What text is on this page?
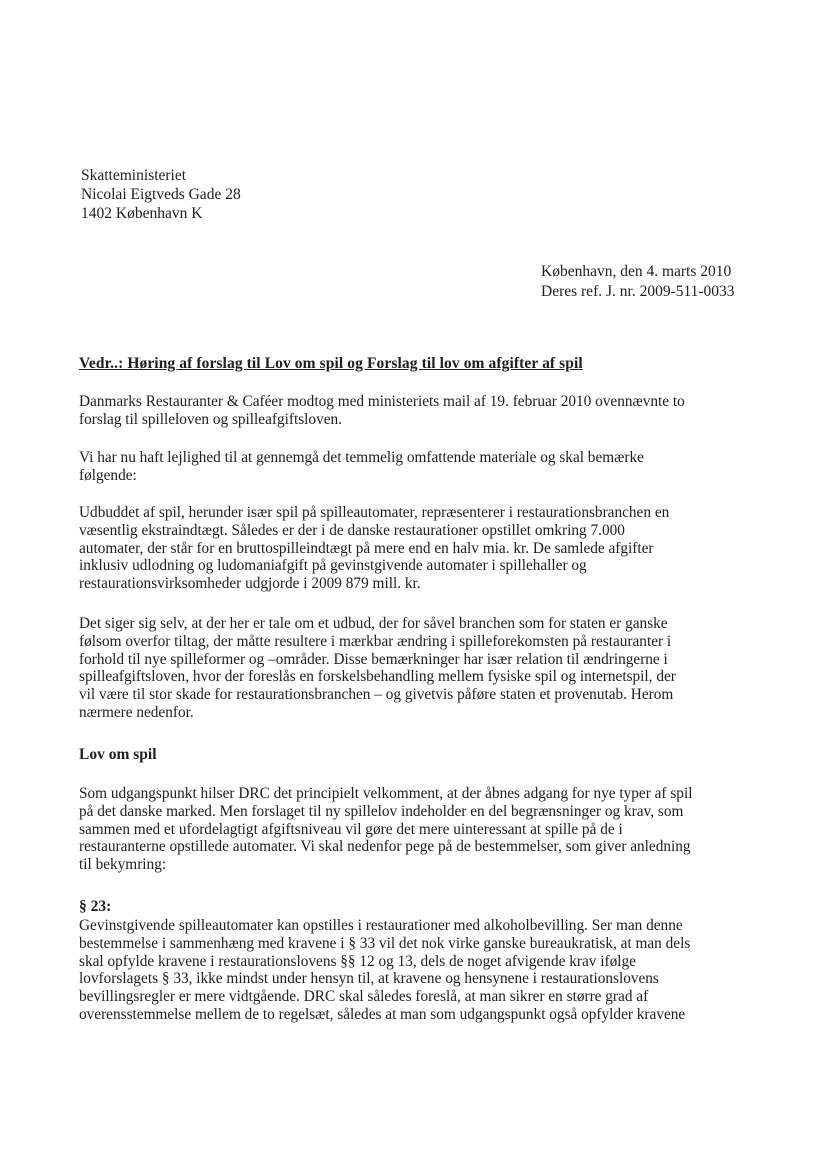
Skatteministeriet
Nicolai Eigtveds Gade 28
1402 København K
København, den 4. marts 2010
Deres ref. J. nr. 2009-511-0033
Vedr..: Høring af forslag til Lov om spil og Forslag til lov om afgifter af spil
Danmarks Restauranter & Caféer modtog med ministeriets mail af 19. februar 2010 ovennævnte to
forslag til spilleloven og spilleafgiftsloven.
Vi har nu haft lejlighed til at gennemgå det temmelig omfattende materiale og skal bemærke
følgende:
Udbuddet af spil, herunder især spil på spilleautomater, repræsenterer i restaurationsbranchen en
væsentlig ekstraindtægt. Således er der i de danske restaurationer opstillet omkring 7.000
automater, der står for en bruttospilleindtægt på mere end en halv mia. kr. De samlede afgifter
inklusiv udlodning og ludomaniafgift på gevinstgivende automater i spillehaller og
restaurationsvirksomheder udgjorde i 2009 879 mill. kr.
Det siger sig selv, at der her er tale om et udbud, der for såvel branchen som for staten er ganske
følsom overfor tiltag, der måtte resultere i mærkbar ændring i spilleforekomsten på restauranter i
forhold til nye spilleformer og –områder. Disse bemærkninger har især relation til ændringerne i
spilleafgiftsloven, hvor der foreslås en forskelsbehandling mellem fysiske spil og internetspil, der
vil være til stor skade for restaurationsbranchen – og givetvis påføre staten et provenutab. Herom
nærmere nedenfor.
Lov om spil
Som udgangspunkt hilser DRC det principielt velkomment, at der åbnes adgang for nye typer af spil
på det danske marked. Men forslaget til ny spillelov indeholder en del begrænsninger og krav, som
sammen med et ufordelagtigt afgiftsniveau vil gøre det mere uinteressant at spille på de i
restauranterne opstillede automater. Vi skal nedenfor pege på de bestemmelser, som giver anledning
til bekymring:
§ 23:
Gevinstgivende spilleautomater kan opstilles i restaurationer med alkoholbevilling. Ser man denne
bestemmelse i sammenhæng med kravene i § 33 vil det nok virke ganske bureaukratisk, at man dels
skal opfylde kravene i restaurationslovens §§ 12 og 13, dels de noget afvigende krav ifølge
lovforslagets § 33, ikke mindst under hensyn til, at kravene og hensynene i restaurationslovens
bevillingsregler er mere vidtgående. DRC skal således foreslå, at man sikrer en større grad af
overensstemmelse mellem de to regelsæt, således at man som udgangspunkt også opfylder kravene
